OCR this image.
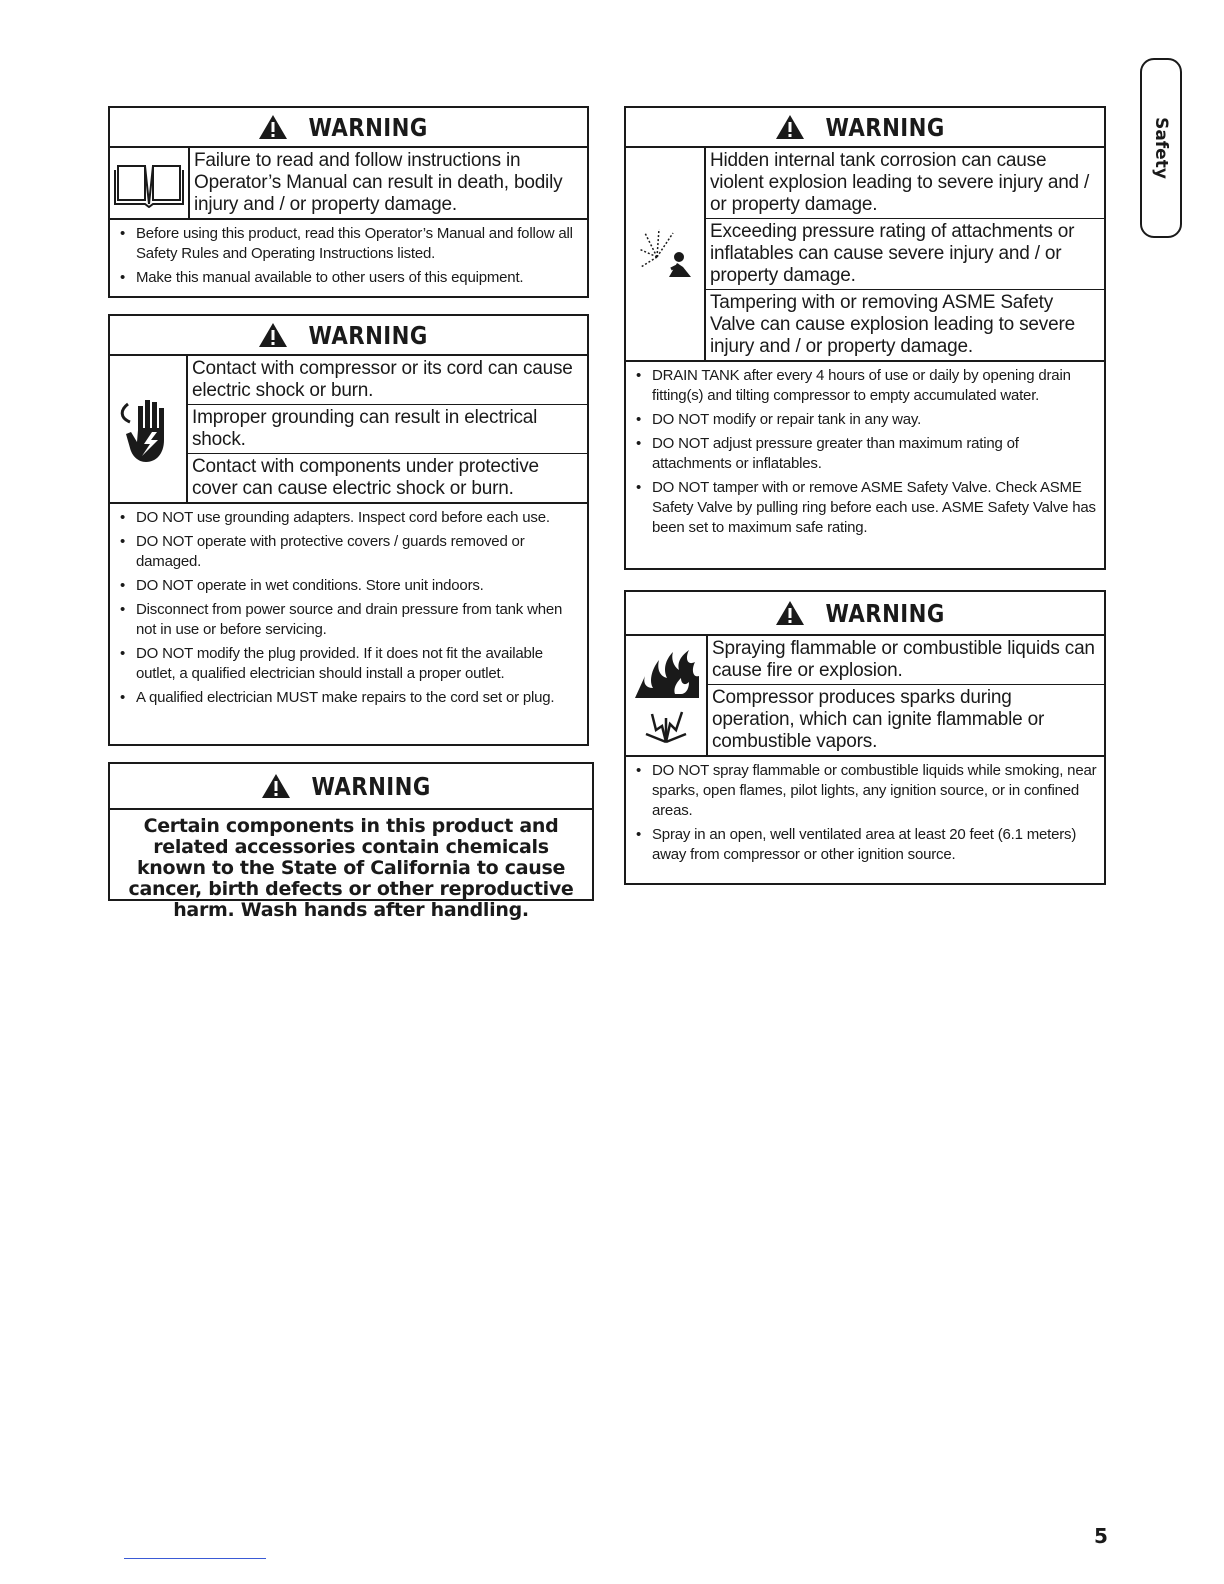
WARNING
Failure to read and follow instructions in Operator’s Manual can result in death, bodily injury and / or property damage.
• Before using this product, read this Operator’s Manual and follow all Safety Rules and Operating Instructions listed.
• Make this manual available to other users of this equipment.
WARNING
Contact with compressor or its cord can cause electric shock or burn.
Improper grounding can result in electrical shock.
Contact with components under protective cover can cause electric shock or burn.
• DO NOT use grounding adapters. Inspect cord before each use.
• DO NOT operate with protective covers / guards removed or damaged.
• DO NOT operate in wet conditions. Store unit indoors.
• Disconnect from power source and drain pressure from tank when not in use or before servicing.
• DO NOT modify the plug provided. If it does not fit the available outlet, a qualified electrician should install a proper outlet.
• A qualified electrician MUST make repairs to the cord set or plug.
WARNING
Certain components in this product and related accessories contain chemicals known to the State of California to cause cancer, birth defects or other reproductive harm. Wash hands after handling.
WARNING
Hidden internal tank corrosion can cause violent explosion leading to severe injury and / or property damage.
Exceeding pressure rating of attachments or inflatables can cause severe injury and / or property damage.
Tampering with or removing ASME Safety Valve can cause explosion leading to severe injury and / or property damage.
• DRAIN TANK after every 4 hours of use or daily by opening drain fitting(s) and tilting compressor to empty accumulated water.
• DO NOT modify or repair tank in any way.
• DO NOT adjust pressure greater than maximum rating of attachments or inflatables.
• DO NOT tamper with or remove ASME Safety Valve. Check ASME Safety Valve by pulling ring before each use. ASME Safety Valve has been set to maximum safe rating.
WARNING
Spraying flammable or combustible liquids can cause fire or explosion.
Compressor produces sparks during operation, which can ignite flammable or combustible vapors.
• DO NOT spray flammable or combustible liquids while smoking, near sparks, open flames, pilot lights, any ignition source, or in confined areas.
• Spray in an open, well ventilated area at least 20 feet (6.1 meters) away from compressor or other ignition source.
Safety
5
